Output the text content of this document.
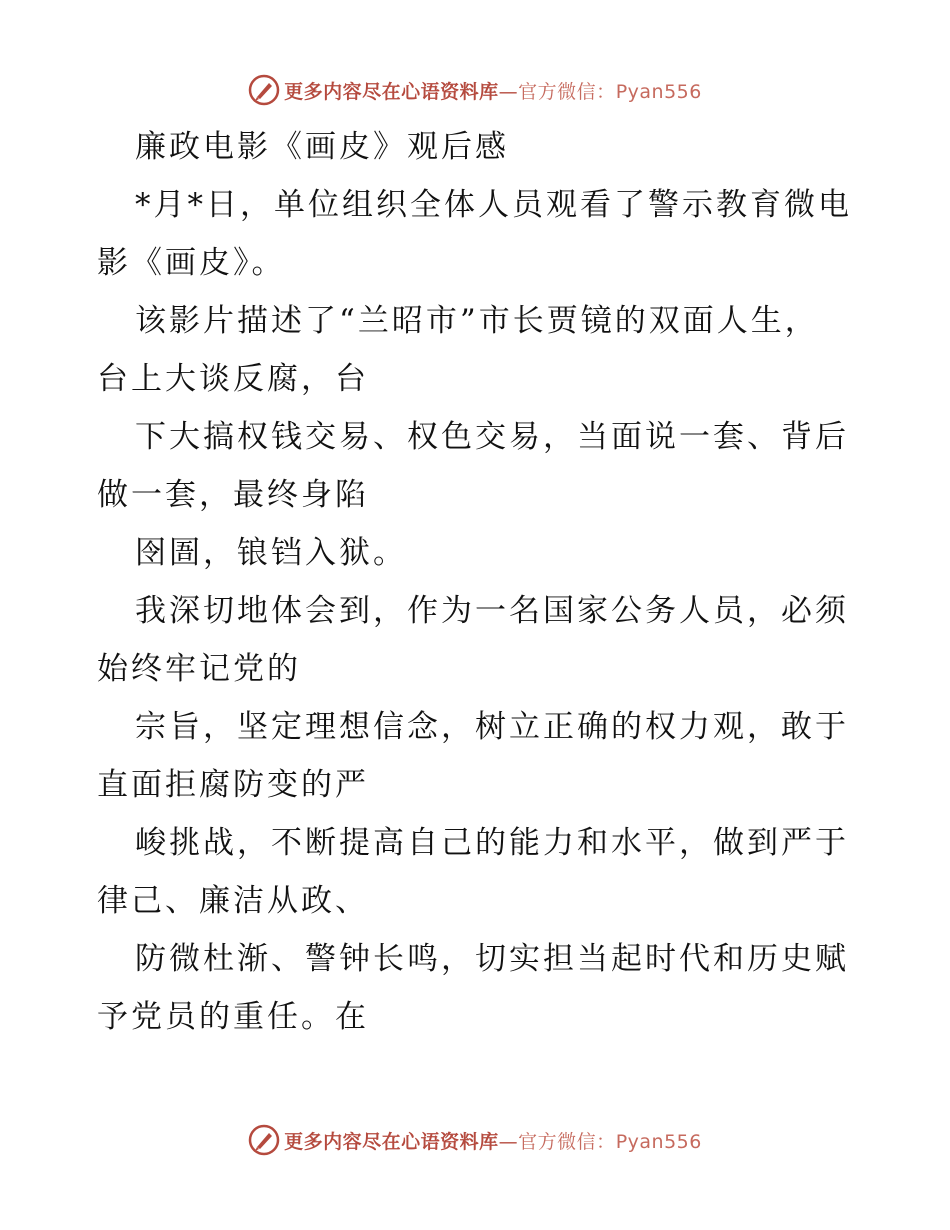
更多内容尽在心语资料库—官方微信：Pyan556
廉政电影《画皮》观后感
*月*日，单位组织全体人员观看了警示教育微电
影《画皮》。
该影片描述了“兰昭市”市长贾镜的双面人生，
台上大谈反腐，台
下大搞权钱交易、权色交易，当面说一套、背后
做一套，最终身陷
囹圄，锒铛入狱。
我深切地体会到，作为一名国家公务人员，必须
始终牢记党的
宗旨，坚定理想信念，树立正确的权力观，敢于
直面拒腐防变的严
峻挑战，不断提高自己的能力和水平，做到严于
律己、廉洁从政、
防微杜渐、警钟长鸣，切实担当起时代和历史赋
予党员的重任。在
更多内容尽在心语资料库—官方微信：Pyan556
